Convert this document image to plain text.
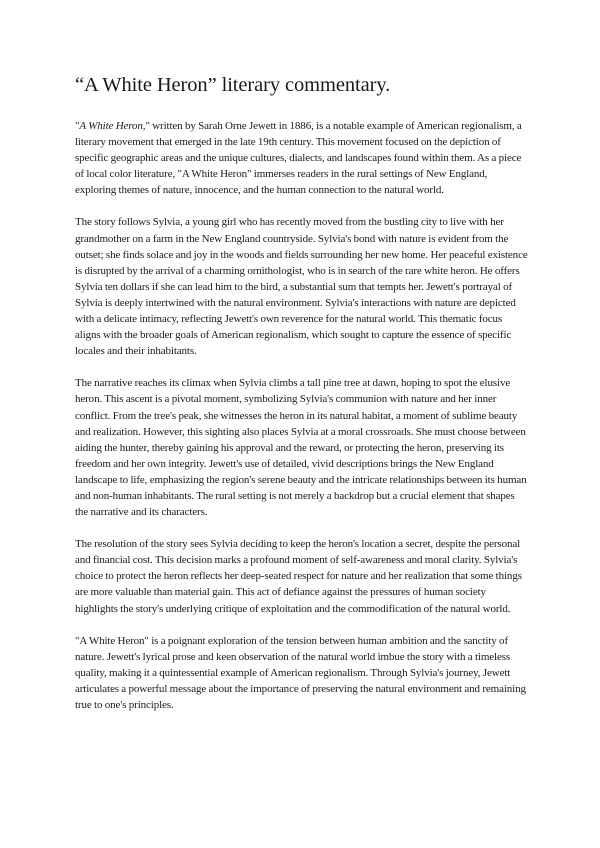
“A White Heron” literary commentary.

"A White Heron," written by Sarah Orne Jewett in 1886, is a notable example of American regionalism, a literary movement that emerged in the late 19th century. This movement focused on the depiction of specific geographic areas and the unique cultures, dialects, and landscapes found within them. As a piece of local color literature, "A White Heron" immerses readers in the rural settings of New England, exploring themes of nature, innocence, and the human connection to the natural world.

The story follows Sylvia, a young girl who has recently moved from the bustling city to live with her grandmother on a farm in the New England countryside. Sylvia's bond with nature is evident from the outset; she finds solace and joy in the woods and fields surrounding her new home. Her peaceful existence is disrupted by the arrival of a charming ornithologist, who is in search of the rare white heron. He offers Sylvia ten dollars if she can lead him to the bird, a substantial sum that tempts her. Jewett's portrayal of Sylvia is deeply intertwined with the natural environment. Sylvia's interactions with nature are depicted with a delicate intimacy, reflecting Jewett's own reverence for the natural world. This thematic focus aligns with the broader goals of American regionalism, which sought to capture the essence of specific locales and their inhabitants.

The narrative reaches its climax when Sylvia climbs a tall pine tree at dawn, hoping to spot the elusive heron. This ascent is a pivotal moment, symbolizing Sylvia's communion with nature and her inner conflict. From the tree's peak, she witnesses the heron in its natural habitat, a moment of sublime beauty and realization. However, this sighting also places Sylvia at a moral crossroads. She must choose between aiding the hunter, thereby gaining his approval and the reward, or protecting the heron, preserving its freedom and her own integrity. Jewett's use of detailed, vivid descriptions brings the New England landscape to life, emphasizing the region's serene beauty and the intricate relationships between its human and non-human inhabitants. The rural setting is not merely a backdrop but a crucial element that shapes the narrative and its characters.

The resolution of the story sees Sylvia deciding to keep the heron's location a secret, despite the personal and financial cost. This decision marks a profound moment of self-awareness and moral clarity. Sylvia's choice to protect the heron reflects her deep-seated respect for nature and her realization that some things are more valuable than material gain. This act of defiance against the pressures of human society highlights the story's underlying critique of exploitation and the commodification of the natural world.

"A White Heron" is a poignant exploration of the tension between human ambition and the sanctity of nature. Jewett's lyrical prose and keen observation of the natural world imbue the story with a timeless quality, making it a quintessential example of American regionalism. Through Sylvia's journey, Jewett articulates a powerful message about the importance of preserving the natural environment and remaining true to one's principles.
